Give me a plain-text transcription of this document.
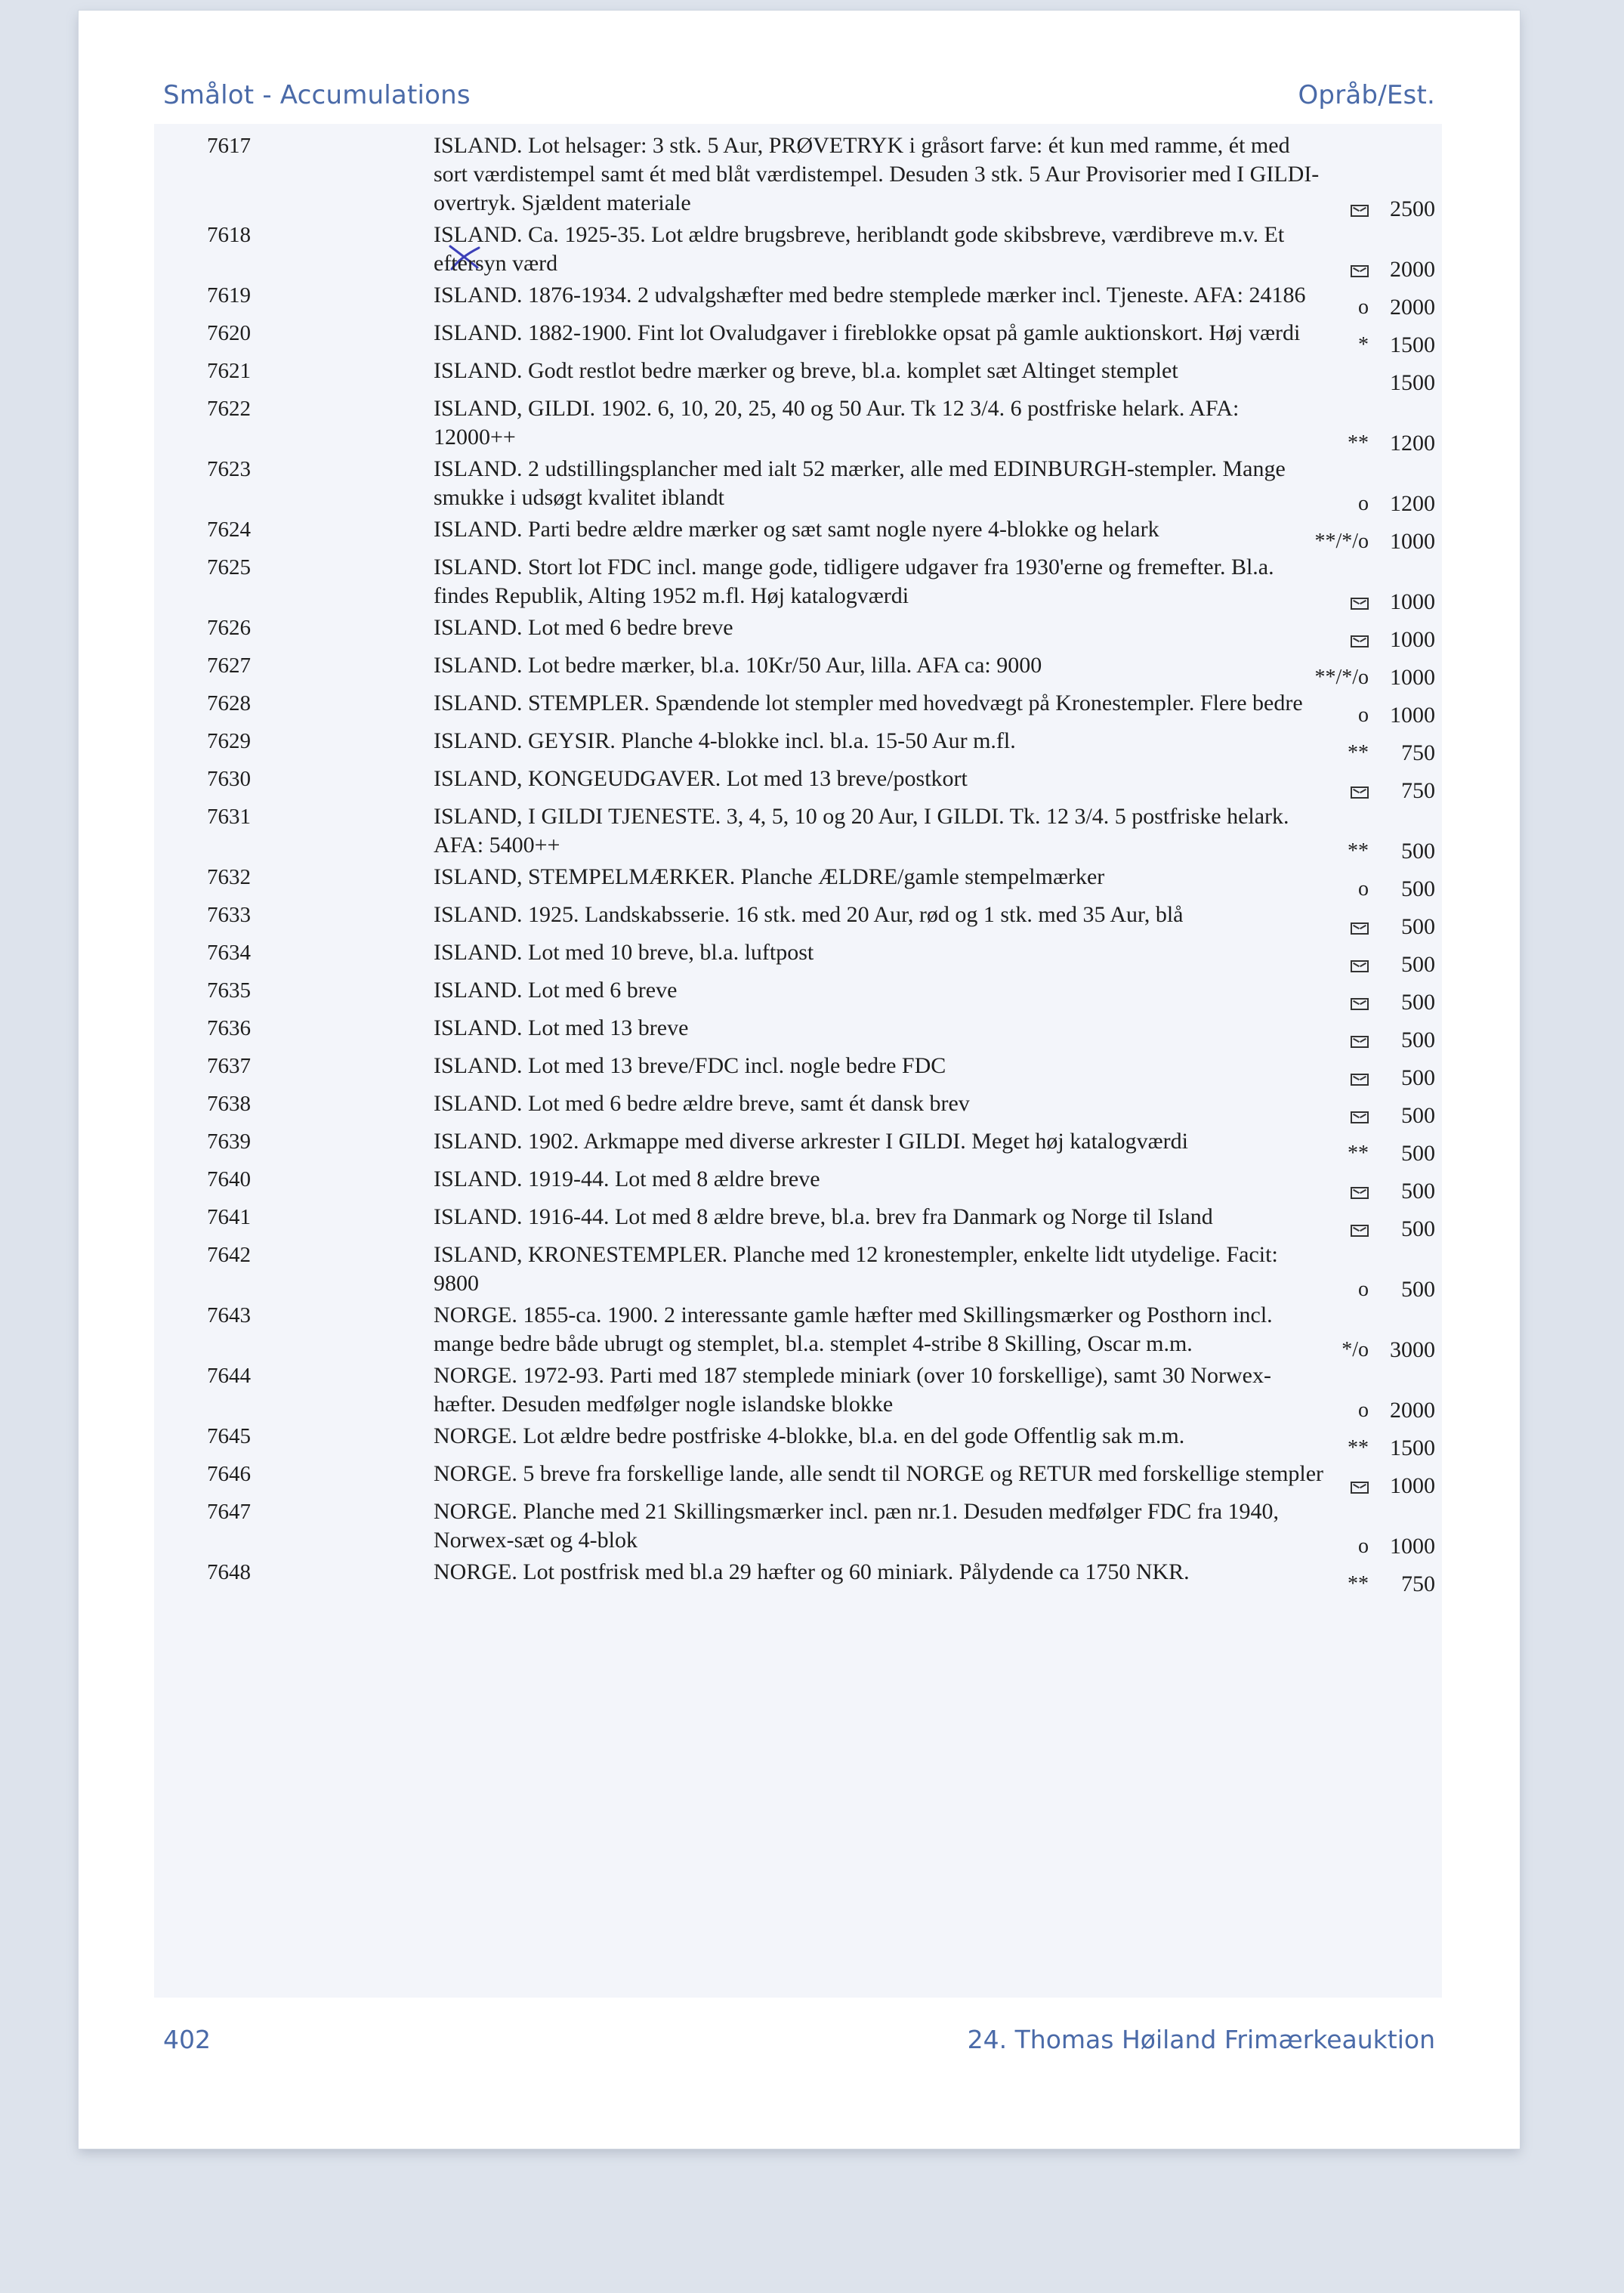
Smålot - Accumulations	Opråb/Est.
7617	ISLAND. Lot helsager: 3 stk. 5 Aur, PRØVETRYK i gråsort farve: ét kun med ramme, ét med sort værdistempel samt ét med blåt værdistempel. Desuden 3 stk. 5 Aur Provisorier med I GILDI-overtryk. Sjældent materiale	2500
7618	ISLAND. Ca. 1925-35. Lot ældre brugsbreve, heriblandt gode skibsbreve, værdibreve m.v. Et eftersyn værd	2000
7619	ISLAND. 1876-1934. 2 udvalgshæfter med bedre stemplede mærker incl. Tjeneste. AFA: 24186	o 2000
7620	ISLAND. 1882-1900. Fint lot Ovaludgaver i fireblokke opsat på gamle auktionskort. Høj værdi	* 1500
7621	ISLAND. Godt restlot bedre mærker og breve, bl.a. komplet sæt Altinget stemplet	1500
7622	ISLAND, GILDI. 1902. 6, 10, 20, 25, 40 og 50 Aur. Tk 12 3/4. 6 postfriske helark. AFA: 12000++	** 1200
7623	ISLAND. 2 udstillingsplancher med ialt 52 mærker, alle med EDINBURGH-stempler. Mange smukke i udsøgt kvalitet iblandt	o 1200
7624	ISLAND. Parti bedre ældre mærker og sæt samt nogle nyere 4-blokke og helark	**/*/o 1000
7625	ISLAND. Stort lot FDC incl. mange gode, tidligere udgaver fra 1930'erne og fremefter. Bl.a. findes Republik, Alting 1952 m.fl. Høj katalogværdi	1000
7626	ISLAND. Lot med 6 bedre breve	1000
7627	ISLAND. Lot bedre mærker, bl.a. 10Kr/50 Aur, lilla. AFA ca: 9000	**/*/o 1000
7628	ISLAND. STEMPLER. Spændende lot stempler med hovedvægt på Kronestempler. Flere bedre	o 1000
7629	ISLAND. GEYSIR. Planche 4-blokke incl. bl.a. 15-50 Aur m.fl.	**	750
7630	ISLAND, KONGEUDGAVER. Lot med 13 breve/postkort	750
7631	ISLAND, I GILDI TJENESTE. 3, 4, 5, 10 og 20 Aur, I GILDI. Tk. 12 3/4. 5 postfriske helark. AFA: 5400++	**	500
7632	ISLAND, STEMPELMÆRKER. Planche ÆLDRE/gamle stempelmærker	o	500
7633	ISLAND. 1925. Landskabsserie. 16 stk. med 20 Aur, rød og 1 stk. med 35 Aur, blå	500
7634	ISLAND. Lot med 10 breve, bl.a. luftpost	500
7635	ISLAND. Lot med 6 breve	500
7636	ISLAND. Lot med 13 breve	500
7637	ISLAND. Lot med 13 breve/FDC incl. nogle bedre FDC	500
7638	ISLAND. Lot med 6 bedre ældre breve, samt ét dansk brev	500
7639	ISLAND. 1902. Arkmappe med diverse arkrester I GILDI. Meget høj katalogværdi	**	500
7640	ISLAND. 1919-44. Lot med 8 ældre breve	500
7641	ISLAND. 1916-44. Lot med 8 ældre breve, bl.a. brev fra Danmark og Norge til Island	500
7642	ISLAND, KRONESTEMPLER. Planche med 12 kronestempler, enkelte lidt utydelige. Facit: 9800	o	500
7643	NORGE. 1855-ca. 1900. 2 interessante gamle hæfter med Skillingsmærker og Posthorn incl. mange bedre både ubrugt og stemplet, bl.a. stemplet 4-stribe 8 Skilling, Oscar m.m.	*/o 3000
7644	NORGE. 1972-93. Parti med 187 stemplede miniark (over 10 forskellige), samt 30 Norwex-hæfter. Desuden medfølger nogle islandske blokke	o 2000
7645	NORGE. Lot ældre bedre postfriske 4-blokke, bl.a. en del gode Offentlig sak m.m.	** 1500
7646	NORGE. 5 breve fra forskellige lande, alle sendt til NORGE og RETUR med forskellige stempler	1000
7647	NORGE. Planche med 21 Skillingsmærker incl. pæn nr.1. Desuden medfølger FDC fra 1940, Norwex-sæt og 4-blok	o 1000
7648	NORGE. Lot postfrisk med bl.a 29 hæfter og 60 miniark. Pålydende ca 1750 NKR.	**	750
402	24. Thomas Høiland Frimærkeauktion
